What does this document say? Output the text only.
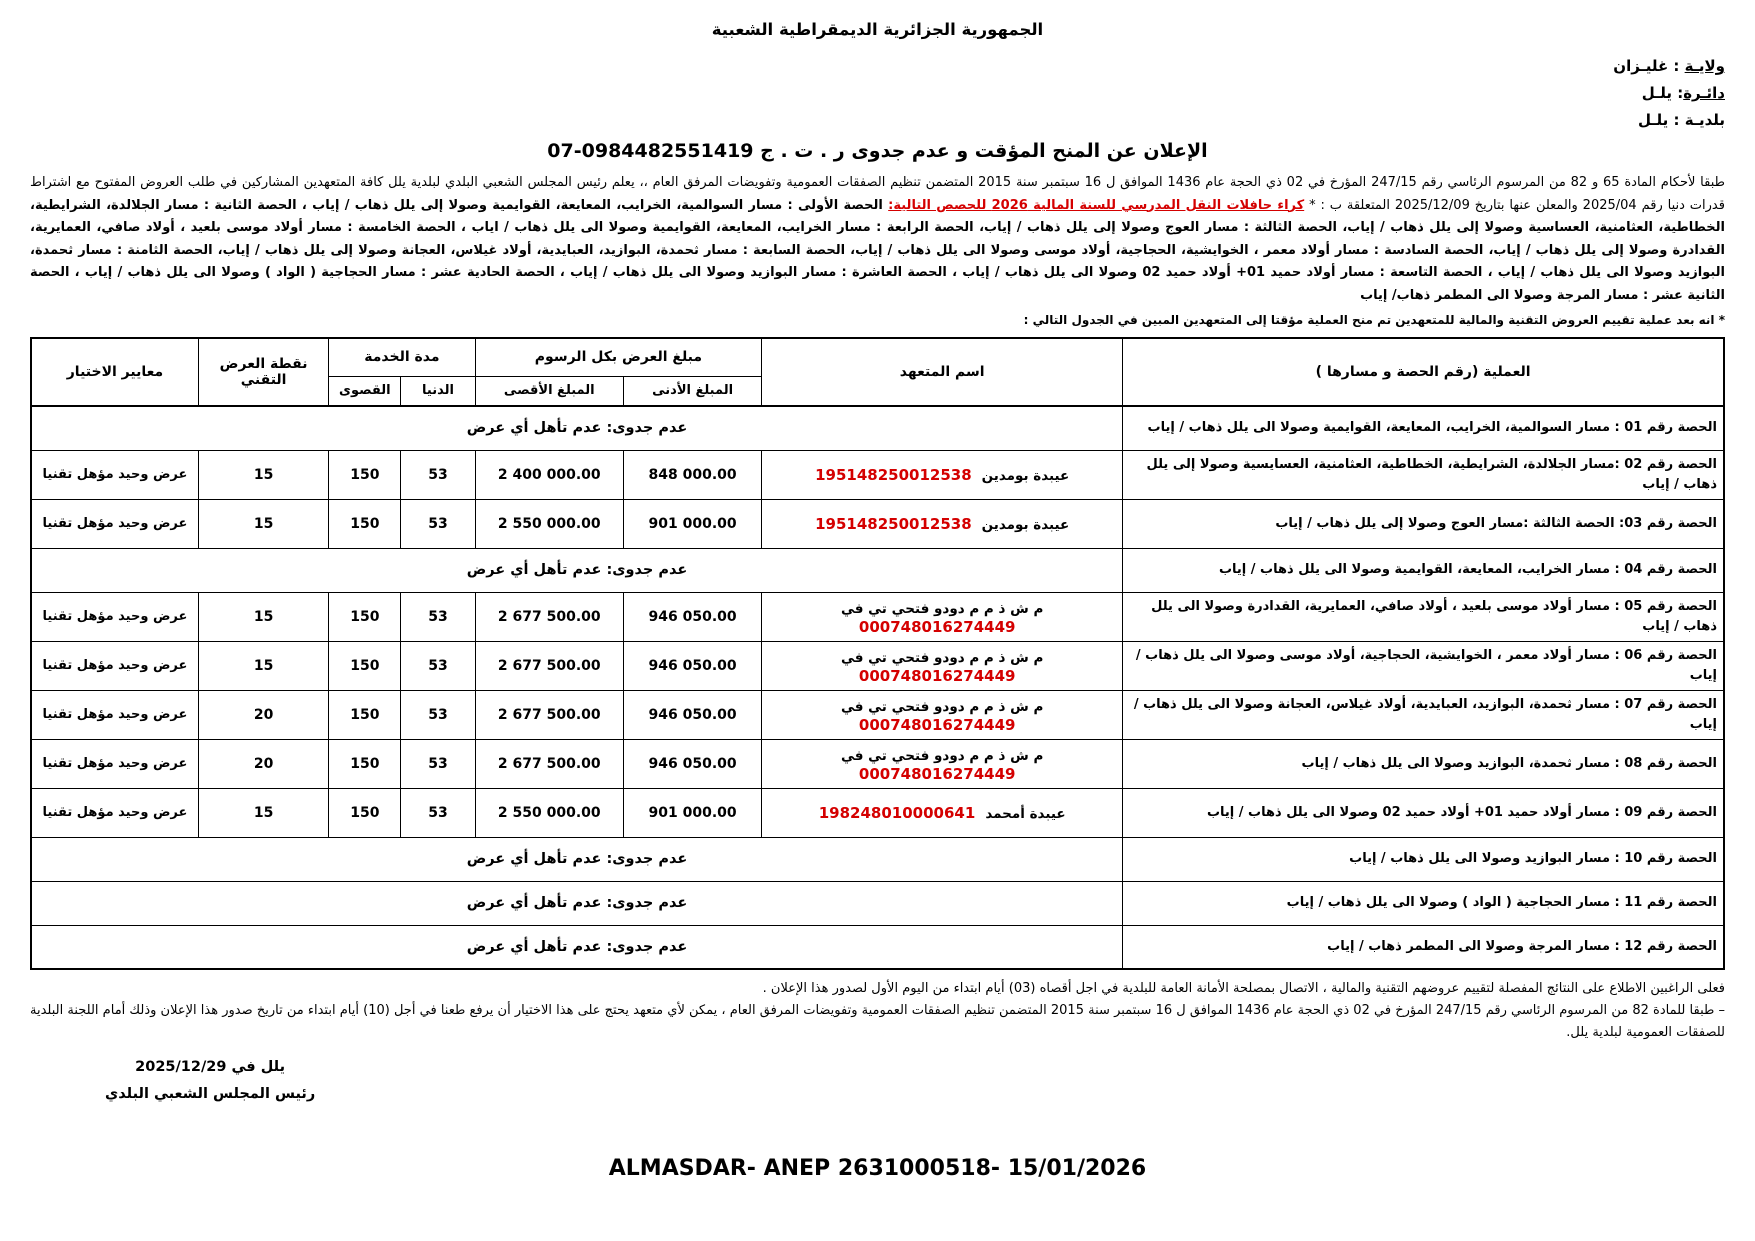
الجمهورية الجزائرية الديمقراطية الشعبية
ولايـة : غليـزان
دائـرة: يلـل
بلديـة : يلـل
الإعلان عن المنح المؤقت و عدم جدوى ر . ت . ج 0984482551419-07
طبقا لأحكام المادة 65 و 82 من المرسوم الرئاسي رقم 247/15 المؤرخ في 02 ذي الحجة عام 1436 الموافق ل 16 سبتمبر سنة 2015 المتضمن تنظيم الصفقات العمومية وتفويضات المرفق العام ،، يعلم رئيس المجلس الشعبي البلدي لبلدية يلل كافة المتعهدين المشاركين في طلب العروض المفتوح مع اشتراط قدرات دنيا رقم 2025/04 والمعلن عنها بتاريخ 2025/12/09 المتعلقة ب : * كراء حافلات النقل المدرسي للسنة المالية 2026 للحصص التالية: الحصة الأولى : مسار السوالمية، الخرايب، المعايعة، القوايمية وصولا إلى يلل ذهاب / إياب ، الحصة الثانية : مسار الجلالدة، الشرايطية، الخطاطية، العثامنية، العساسية وصولا إلى يلل ذهاب / إياب، الحصة الثالثة : مسار العوج وصولا إلى يلل ذهاب / إياب، الحصة الرابعة : مسار الخرايب، المعايعة، القوايمية وصولا الى يلل ذهاب / اياب ، الحصة الخامسة : مسار أولاد موسى بلعيد ، أولاد صافي، العمايرية، القدادرة وصولا إلى يلل ذهاب / إياب، الحصة السادسة : مسار أولاد معمر ، الخوايشية، الحجاجية، أولاد موسى وصولا الى يلل ذهاب / إياب، الحصة السابعة : مسار ثحمدة، البوازيد، العبايدية، أولاد غيلاس، العجانة وصولا إلى يلل ذهاب / إياب، الحصة الثامنة : مسار ثحمدة، البوازيد وصولا الى يلل ذهاب / إياب ، الحصة التاسعة : مسار أولاد حميد 01+ أولاد حميد 02 وصولا الى يلل ذهاب / إياب ، الحصة العاشرة : مسار البوازيد وصولا الى يلل ذهاب / إياب ، الحصة الحادية عشر : مسار الحجاجية ( الواد ) وصولا الى يلل ذهاب / إياب ، الحصة الثانية عشر : مسار المرجة وصولا الى المطمر ذهاب/ إياب
* انه بعد عملية تقييم العروض التقنية والمالية للمتعهدين تم منح العملية مؤقتا إلى المتعهدين المبين في الجدول التالي :
العملية (رقم الحصة و مسارها )	اسم المتعهد	مبلغ العرض بكل الرسوم		مدة الخدمة		نقطة العرض التقني	معايير الاختيار
		المبلغ الأدنى	المبلغ الأقصى	الدنيا	القصوى		
الحصة رقم 01 : مسار السوالمية، الخرايب، المعايعة، القوايمية وصولا الى يلل ذهاب / إياب	عدم جدوى: عدم تأهل أي عرض						
الحصة رقم 02 :مسار الجلالدة، الشرايطية، الخطاطية، العثامنية، العسايسية وصولا إلى يلل ذهاب / إياب	عيبدة بومدين195148250012538	848 000.00	2 400 000.00	53	150	15	عرض وحيد مؤهل تقنيا
الحصة رقم 03: الحصة الثالثة :مسار العوج وصولا إلى يلل ذهاب / إياب	عيبدة بومدين195148250012538	901 000.00	2 550 000.00	53	150	15	عرض وحيد مؤهل تقنيا
الحصة رقم 04 : مسار الخرايب، المعايعة، القوايمية وصولا الى يلل ذهاب / إياب	عدم جدوى: عدم تأهل أي عرض						
الحصة رقم 05 : مسار أولاد موسى بلعيد ، أولاد صافي، العمايرية، القدادرة وصولا الى يلل ذهاب / إياب	م ش ذ م م دودو فتحي تي في000748016274449	946 050.00	2 677 500.00	53	150	15	عرض وحيد مؤهل تقنيا
الحصة رقم 06 : مسار أولاد معمر ، الخوايشية، الحجاجية، أولاد موسى وصولا الى يلل ذهاب / إياب	م ش ذ م م دودو فتحي تي في000748016274449	946 050.00	2 677 500.00	53	150	15	عرض وحيد مؤهل تقنيا
الحصة رقم 07 : مسار ثحمدة، البوازيد، العبايدية، أولاد غيلاس، العجانة وصولا الى يلل ذهاب / إياب	م ش ذ م م دودو فتحي تي في000748016274449	946 050.00	2 677 500.00	53	150	20	عرض وحيد مؤهل تقنيا
الحصة رقم 08 : مسار ثحمدة، البوازيد وصولا الى يلل ذهاب / إياب	م ش ذ م م دودو فتحي تي في000748016274449	946 050.00	2 677 500.00	53	150	20	عرض وحيد مؤهل تقنيا
الحصة رقم 09 : مسار أولاد حميد 01+ أولاد حميد 02 وصولا الى يلل ذهاب / إياب	عيبدة أمحمد198248010000641	901 000.00	2 550 000.00	53	150	15	عرض وحيد مؤهل تقنيا
الحصة رقم 10 : مسار البوازيد وصولا الى يلل ذهاب / إياب	عدم جدوى: عدم تأهل أي عرض						
الحصة رقم 11 : مسار الحجاجية ( الواد ) وصولا الى يلل ذهاب / إياب	عدم جدوى: عدم تأهل أي عرض						
الحصة رقم 12 : مسار المرجة وصولا الى المطمر ذهاب / إياب	عدم جدوى: عدم تأهل أي عرض						
فعلى الراغبين الاطلاع على النتائج المفصلة لتقييم عروضهم التقنية والمالية ، الاتصال بمصلحة الأمانة العامة للبلدية في اجل أقصاه (03) أيام ابتداء من اليوم الأول لصدور هذا الإعلان .
– طبقا للمادة 82 من المرسوم الرئاسي رقم 247/15 المؤرخ في 02 ذي الحجة عام 1436 الموافق ل 16 سبتمبر سنة 2015 المتضمن تنظيم الصفقات العمومية وتفويضات المرفق العام ، يمكن لأي متعهد يحتج على هذا الاختيار أن يرفع طعنا في أجل (10) أيام ابتداء من تاريخ صدور هذا الإعلان وذلك أمام اللجنة البلدية للصفقات العمومية لبلدية يلل.
يلل في 2025/12/29
رئيس المجلس الشعبي البلدي
ALMASDAR- ANEP 2631000518- 15/01/2026
